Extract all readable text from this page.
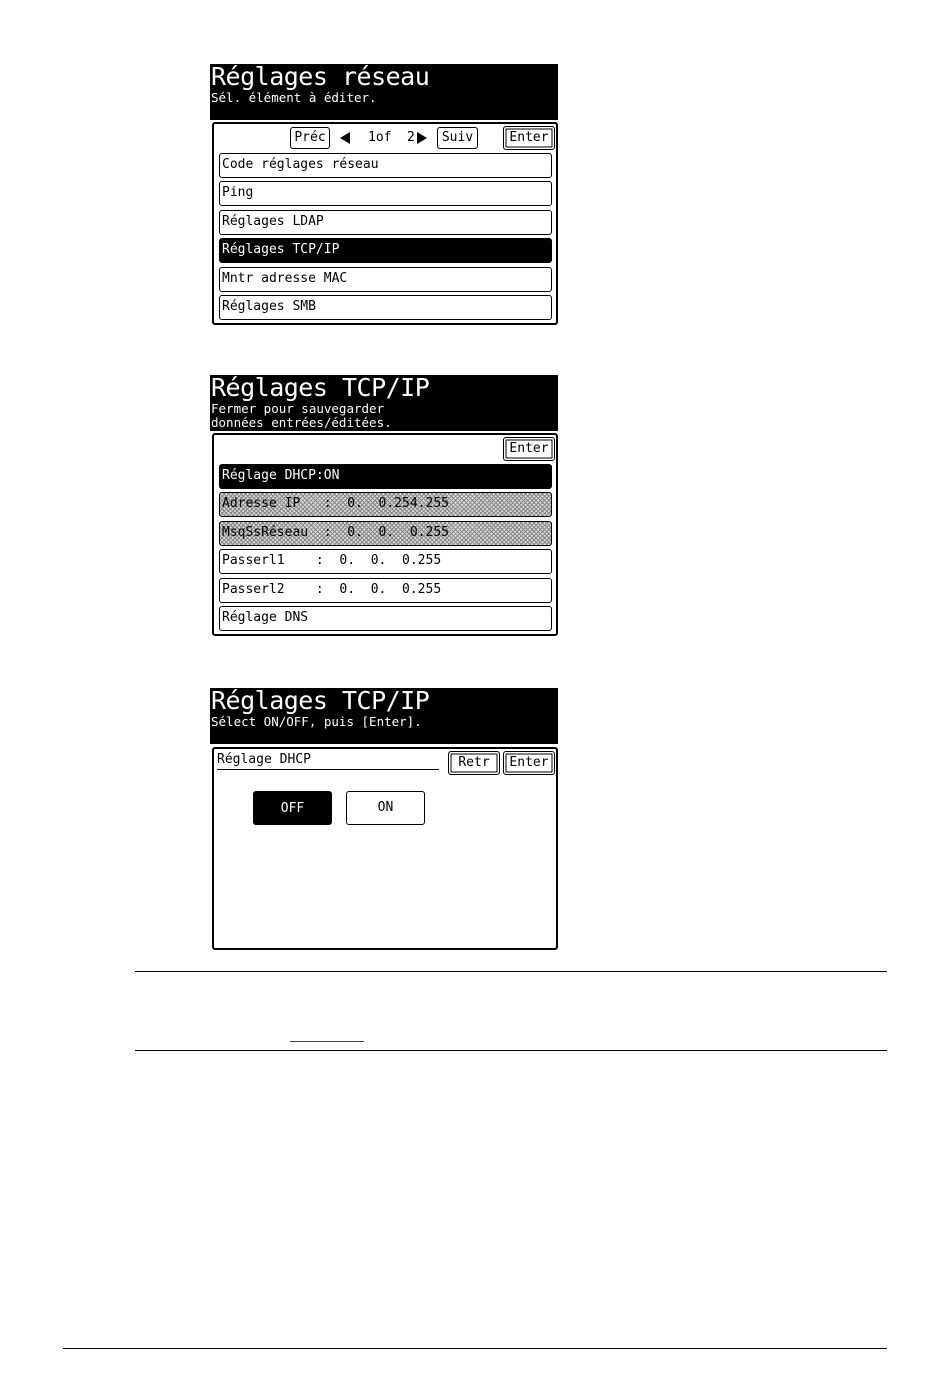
Réglages réseau
Sél. élément à éditer.
Préc	1of 2	Suiv	Enter
Code réglages réseau
Ping
Réglages LDAP
Réglages TCP/IP
Mntr adresse MAC
Réglages SMB
Réglages TCP/IP
Fermer pour sauvegarder
données entrées/éditées.
Enter
Réglage DHCP:ON
Adresse IP   :  0.  0.254.255
MsqSsRéseau  :  0.  0.  0.255
Passerl1    :  0.  0.  0.255
Passerl2    :  0.  0.  0.255
Réglage DNS
Réglages TCP/IP
Sélect ON/OFF, puis [Enter].
Réglage DHCP	Retr	Enter
OFF	ON
